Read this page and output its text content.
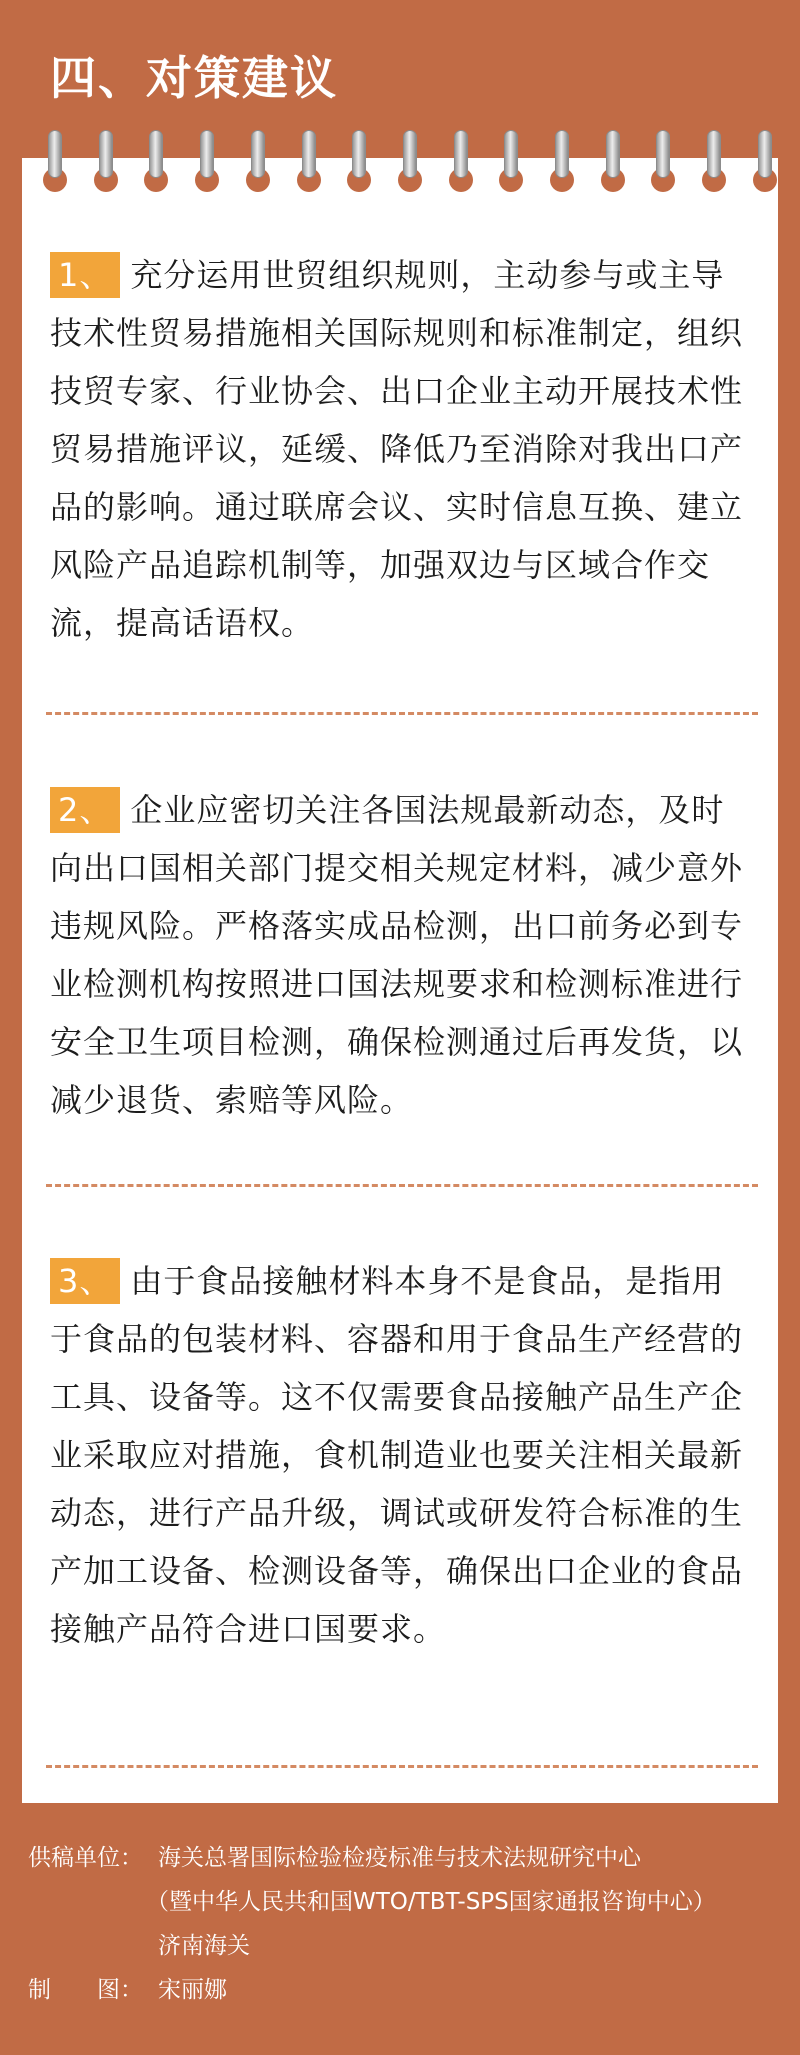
四、对策建议
1、 充分运用世贸组织规则，主动参与或主导技术性贸易措施相关国际规则和标准制定，组织技贸专家、行业协会、出口企业主动开展技术性贸易措施评议，延缓、降低乃至消除对我出口产品的影响。通过联席会议、实时信息互换、建立风险产品追踪机制等，加强双边与区域合作交流，提高话语权。
2、 企业应密切关注各国法规最新动态，及时向出口国相关部门提交相关规定材料，减少意外违规风险。严格落实成品检测，出口前务必到专业检测机构按照进口国法规要求和检测标准进行安全卫生项目检测，确保检测通过后再发货，以减少退货、索赔等风险。
3、 由于食品接触材料本身不是食品，是指用于食品的包装材料、容器和用于食品生产经营的工具、设备等。这不仅需要食品接触产品生产企业采取应对措施，食机制造业也要关注相关最新动态，进行产品升级，调试或研发符合标准的生产加工设备、检测设备等，确保出口企业的食品接触产品符合进口国要求。
供稿单位： 海关总署国际检验检疫标准与技术法规研究中心
（暨中华人民共和国WTO/TBT-SPS国家通报咨询中心）
济南海关
制　　图： 宋丽娜
